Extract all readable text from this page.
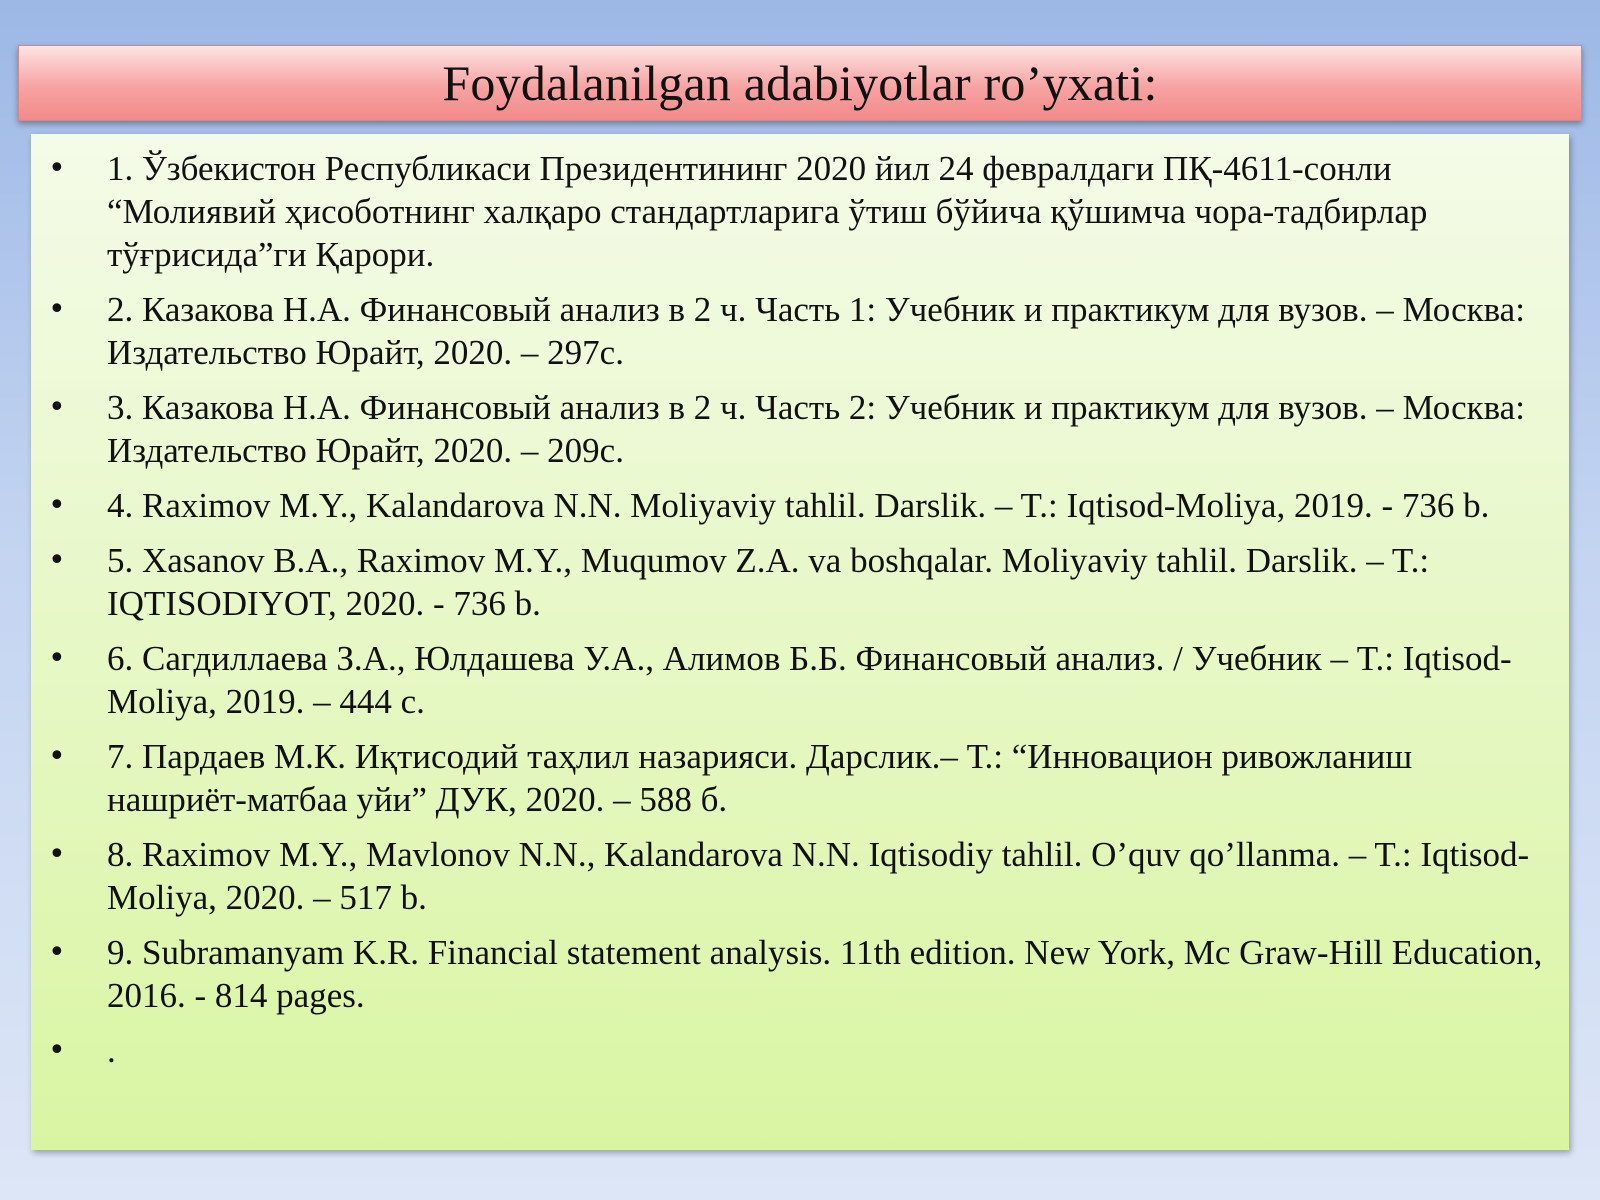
Foydalanilgan adabiyotlar ro’yxati:
• 1. Ўзбекистон Республикаси Президентининг 2020 йил 24 февралдаги ПҚ-4611-сонли “Молиявий ҳисоботнинг халқаро стандартларига ўтиш бўйича қўшимча чора-тадбирлар тўғрисида”ги Қарори.
• 2. Казакова Н.А. Финансовый анализ в 2 ч. Часть 1: Учебник и практикум для вузов. – Москва: Издательство Юрайт, 2020. – 297с.
• 3. Казакова Н.А. Финансовый анализ в 2 ч. Часть 2: Учебник и практикум для вузов. – Москва: Издательство Юрайт, 2020. – 209с.
• 4. Raximov M.Y., Kalandarova N.N. Moliyaviy tahlil. Darslik. – T.: Iqtisod-Moliya, 2019. - 736 b.
• 5. Xasanov B.A., Raximov M.Y., Muqumov Z.A. va boshqalar. Moliyaviy tahlil. Darslik. – T.: IQTISODIYOT, 2020. - 736 b.
• 6. Сагдиллаева З.А., Юлдашева У.А., Алимов Б.Б. Финансовый анализ. / Учебник – T.: Iqtisod-Moliya, 2019. – 444 с.
• 7. Пардаев М.К. Иқтисодий таҳлил назарияси. Дарслик.– Т.: “Инновацион ривожланиш нашриёт-матбаа уйи” ДУК, 2020. – 588 б.
• 8. Raximov M.Y., Mavlonov N.N., Kalandarova N.N. Iqtisodiy tahlil. O’quv qo’llanma. – T.: Iqtisod-Moliya, 2020. – 517 b.
• 9. Subramanyam K.R. Financial statement analysis. 11th edition. New York, Mc Graw-Hill Education, 2016. - 814 pages.
• .
